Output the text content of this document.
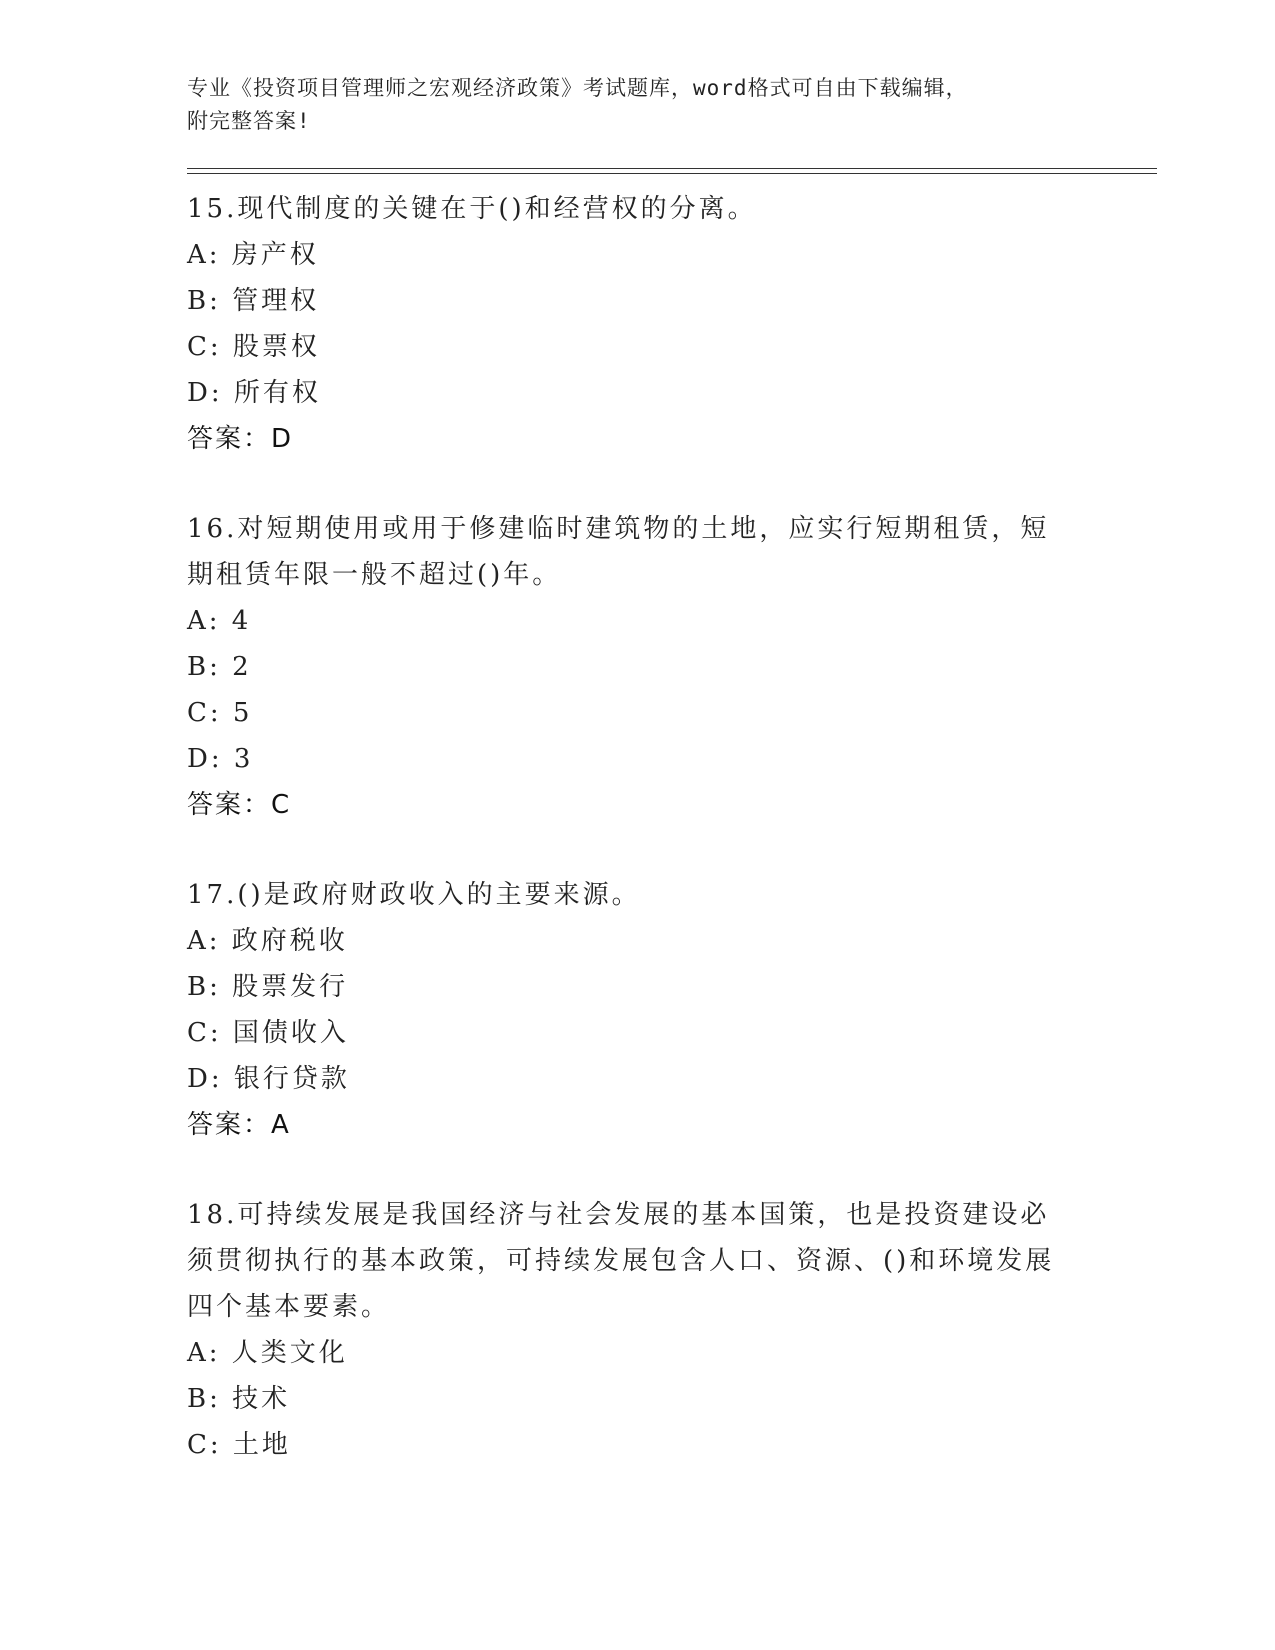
专业《投资项目管理师之宏观经济政策》考试题库，word格式可自由下载编辑，

附完整答案!

15.现代制度的关键在于()和经营权的分离。

A: 房产权

B: 管理权

C: 股票权

D: 所有权

答案：D

16.对短期使用或用于修建临时建筑物的土地，应实行短期租赁，短期租赁年限一般不超过()年。

A: 4

B: 2

C: 5

D: 3

答案：C

17.()是政府财政收入的主要来源。

A: 政府税收

B: 股票发行

C: 国债收入

D: 银行贷款

答案：A

18.可持续发展是我国经济与社会发展的基本国策，也是投资建设必须贯彻执行的基本政策，可持续发展包含人口、资源、()和环境发展四个基本要素。

A: 人类文化

B: 技术

C: 土地
